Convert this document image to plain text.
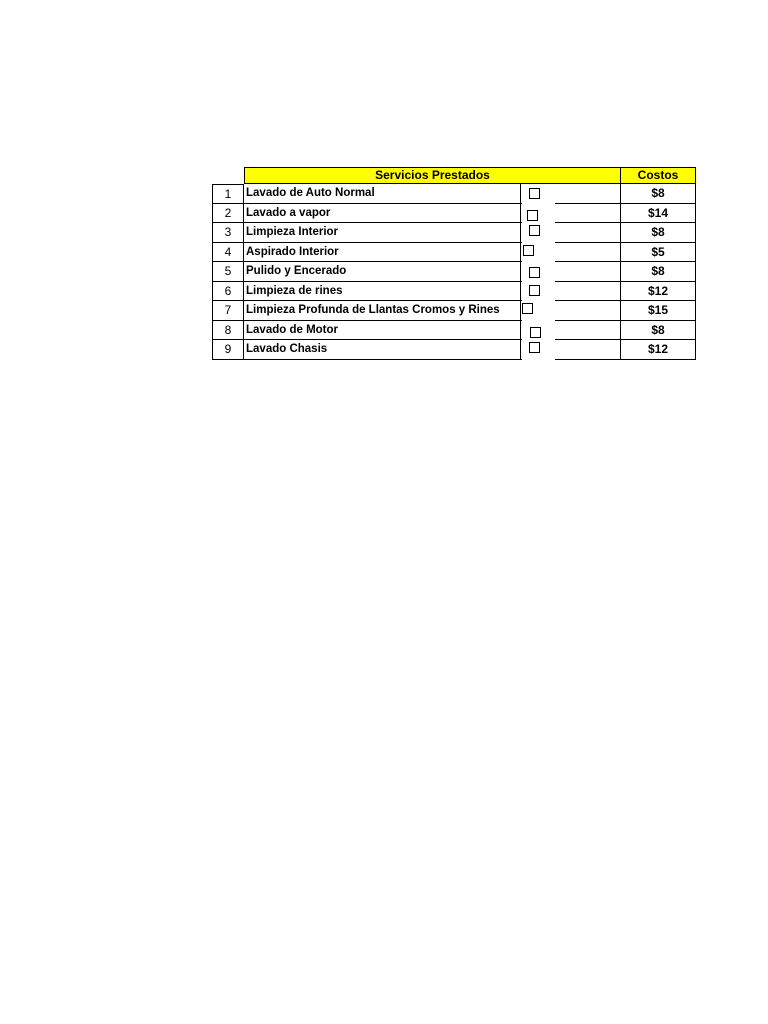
Servicios Prestados	Costos
1	Lavado de Auto Normal	$8
2	Lavado a vapor	$14
3	Limpieza Interior	$8
4	Aspirado Interior	$5
5	Pulido y Encerado	$8
6	Limpieza de rines	$12
7	Limpieza Profunda de Llantas Cromos y Rines	$15
8	Lavado de Motor	$8
9	Lavado Chasis	$12
